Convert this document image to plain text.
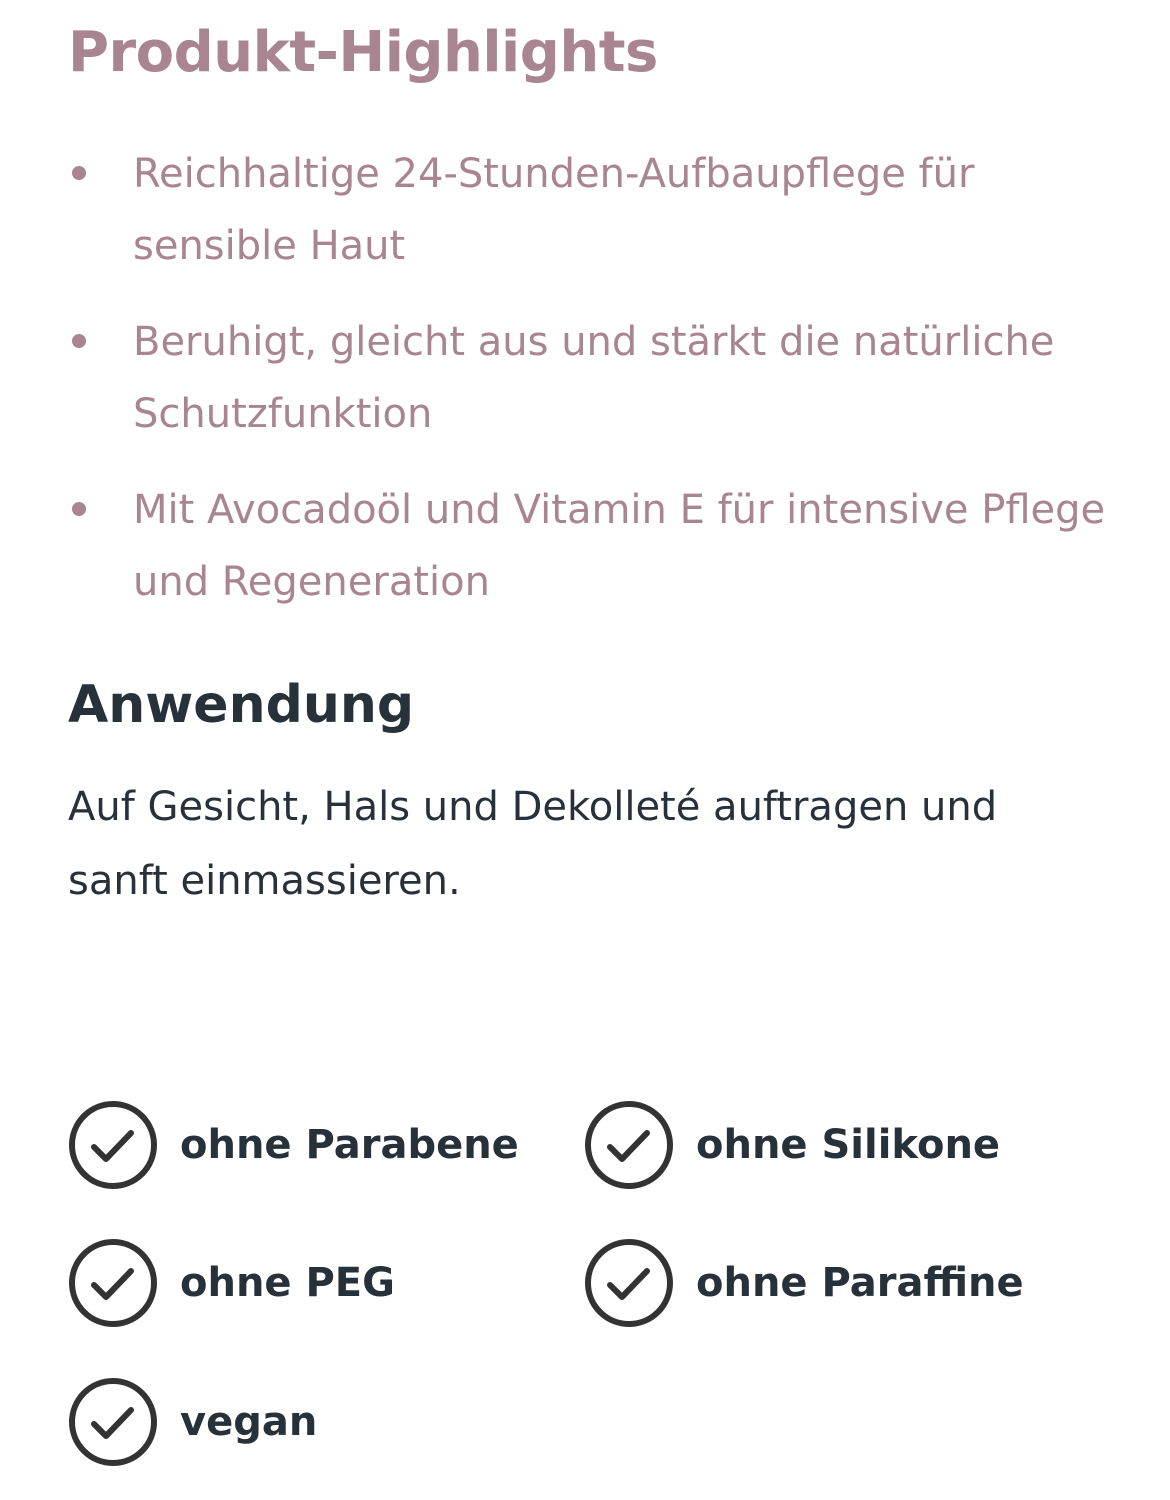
Produkt-Highlights
Reichhaltige 24-Stunden-Aufbaupflege für sensible Haut
Beruhigt, gleicht aus und stärkt die natürliche Schutzfunktion
Mit Avocadoöl und Vitamin E für intensive Pflege und Regeneration
Anwendung

Auf Gesicht, Hals und Dekolleté auftragen und sanft einmassieren.

ohne Parabene	ohne Silikone
ohne PEG	ohne Paraffine
vegan
